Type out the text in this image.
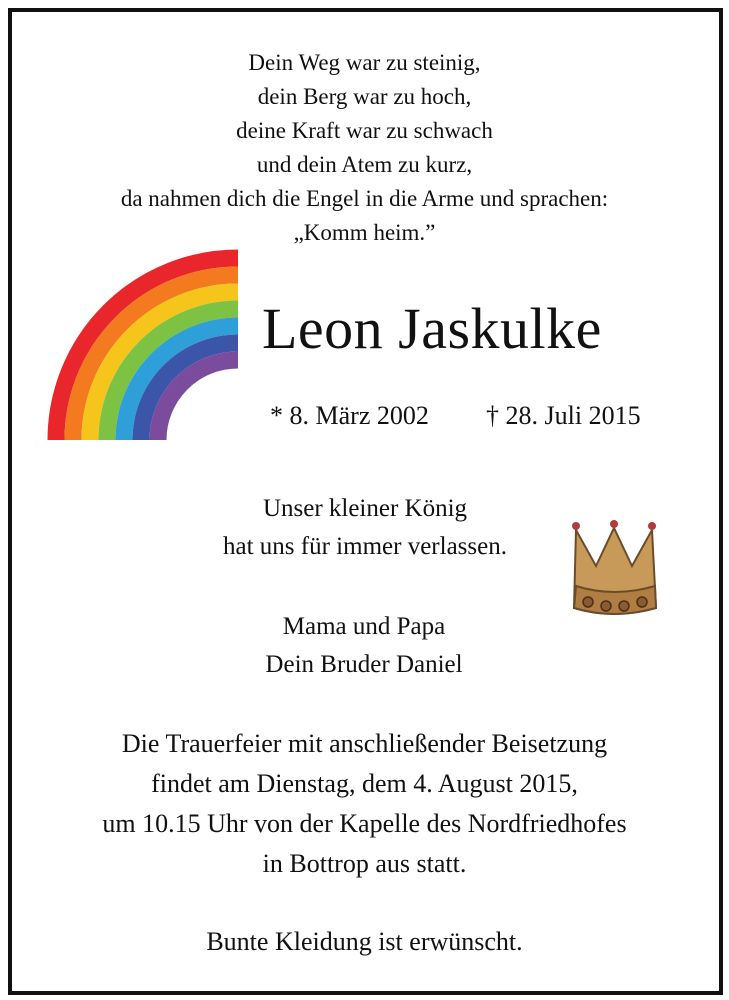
Dein Weg war zu steinig,
dein Berg war zu hoch,
deine Kraft war zu schwach
und dein Atem zu kurz,
da nahmen dich die Engel in die Arme und sprachen:
„Komm heim.”
Leon Jaskulke
* 8. März 2002 † 28. Juli 2015
Unser kleiner König
hat uns für immer verlassen.
Mama und Papa
Dein Bruder Daniel
Die Trauerfeier mit anschließender Beisetzung
findet am Dienstag, dem 4. August 2015,
um 10.15 Uhr von der Kapelle des Nordfriedhofes
in Bottrop aus statt.
Bunte Kleidung ist erwünscht.
